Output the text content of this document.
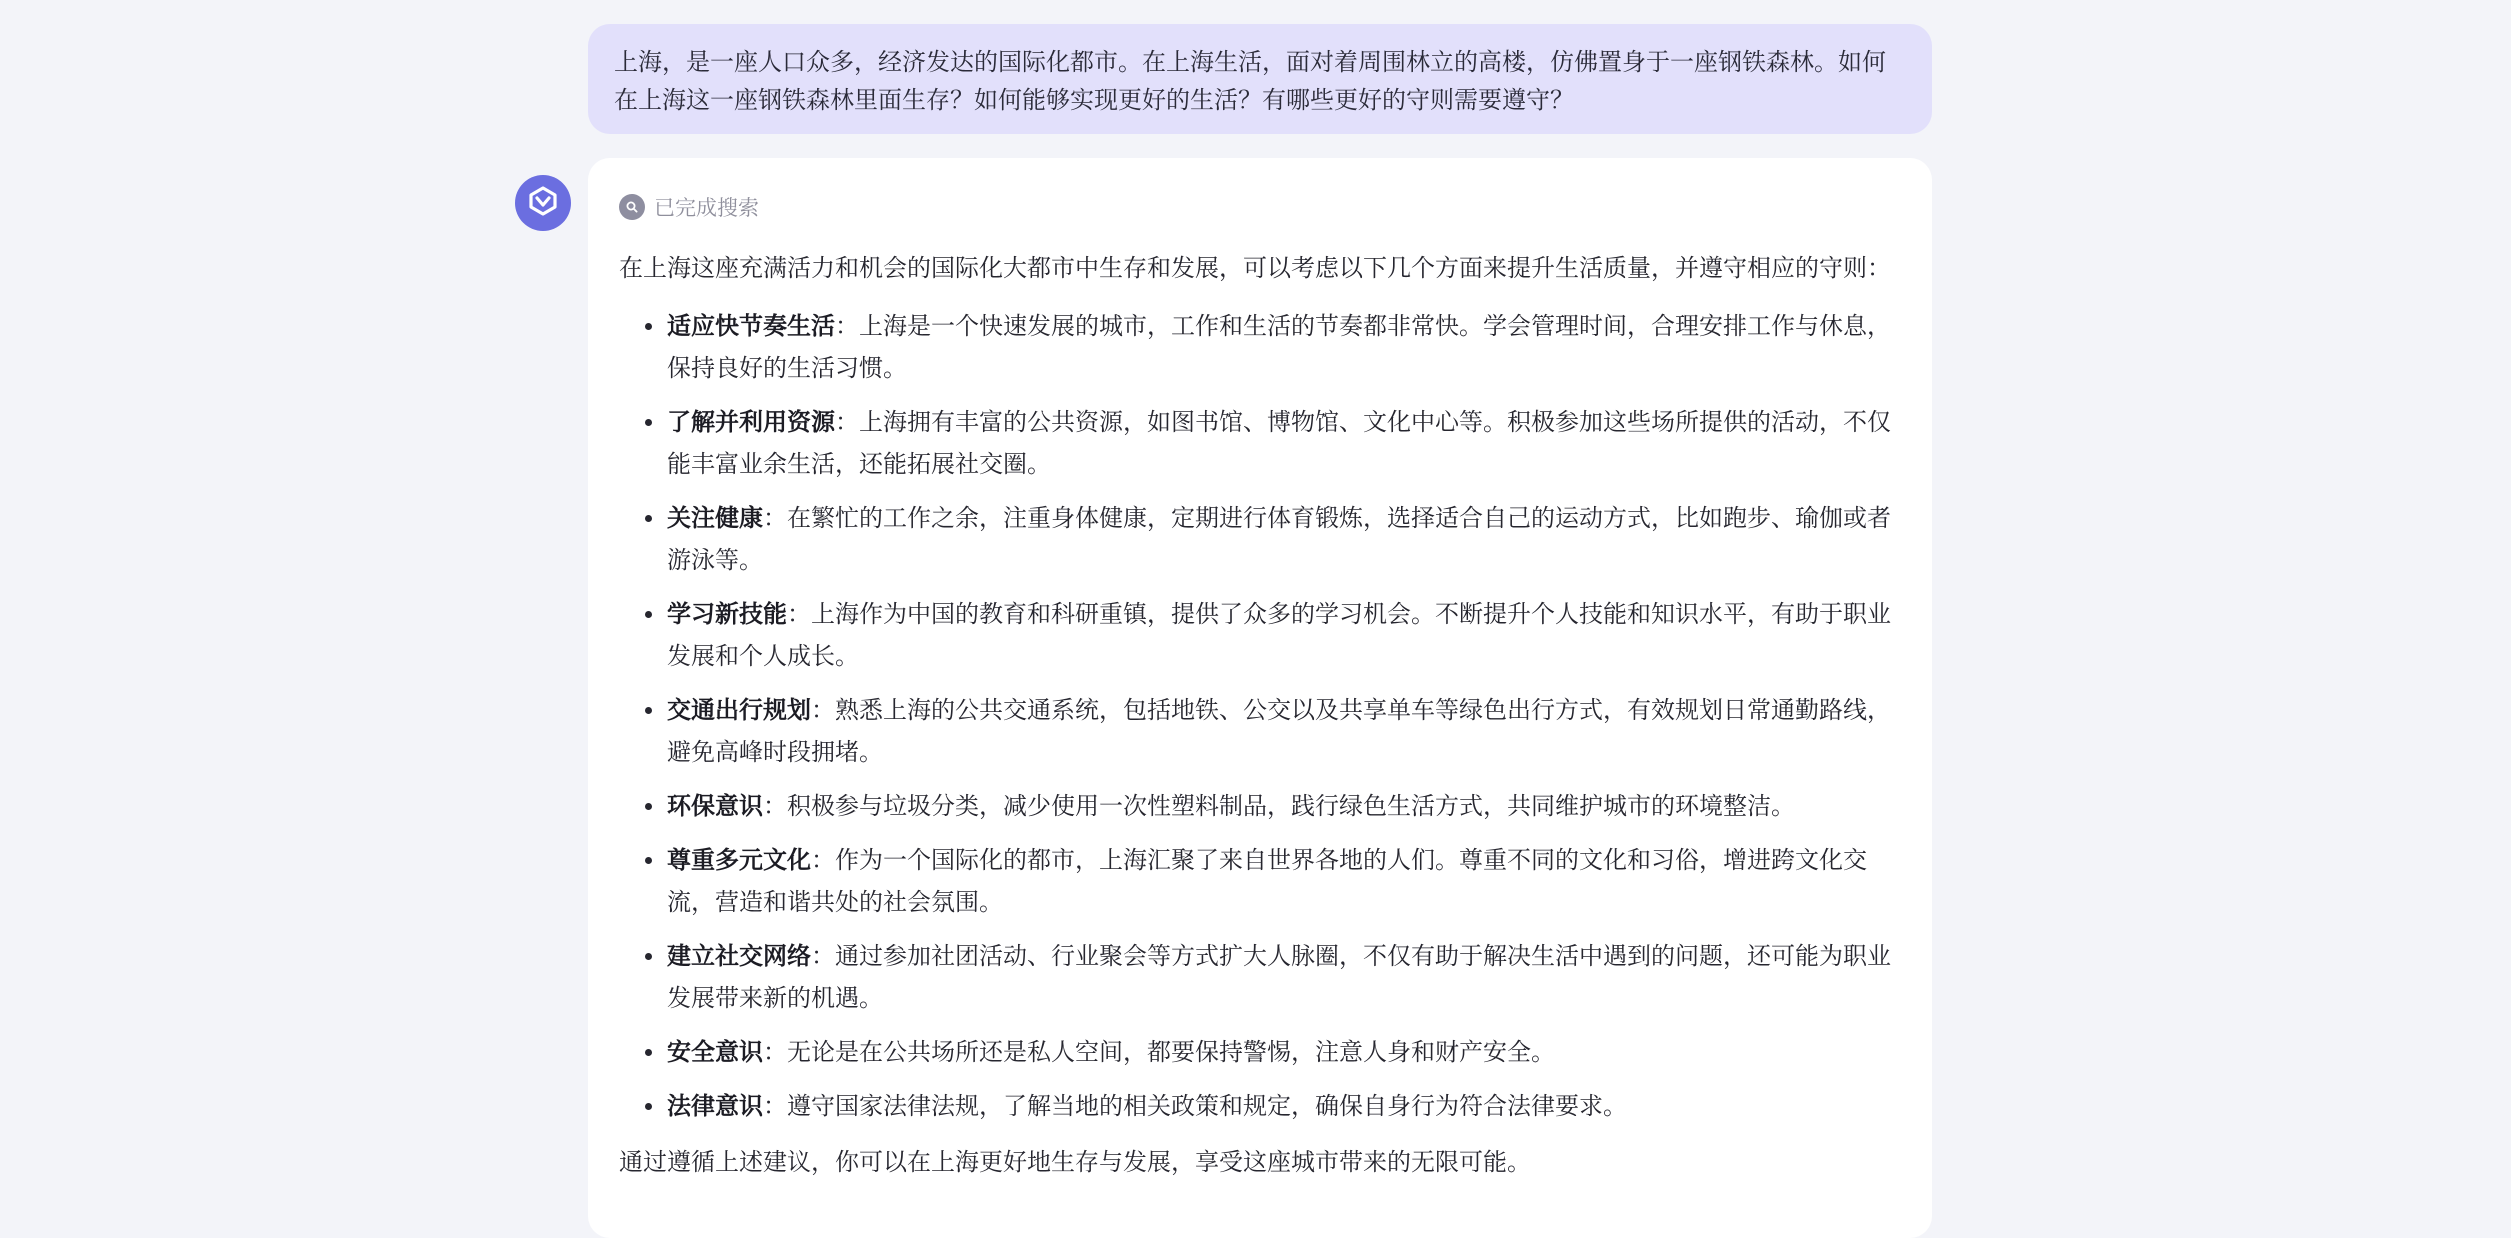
上海，是一座人口众多，经济发达的国际化都市。在上海生活，面对着周围林立的高楼，仿佛置身于一座钢铁森林。如何在上海这一座钢铁森林里面生存？如何能够实现更好的生活？有哪些更好的守则需要遵守？
已完成搜索
在上海这座充满活力和机会的国际化大都市中生存和发展，可以考虑以下几个方面来提升生活质量，并遵守相应的守则：
适应快节奏生活：上海是一个快速发展的城市，工作和生活的节奏都非常快。学会管理时间，合理安排工作与休息，保持良好的生活习惯。
了解并利用资源：上海拥有丰富的公共资源，如图书馆、博物馆、文化中心等。积极参加这些场所提供的活动，不仅能丰富业余生活，还能拓展社交圈。
关注健康：在繁忙的工作之余，注重身体健康，定期进行体育锻炼，选择适合自己的运动方式，比如跑步、瑜伽或者游泳等。
学习新技能：上海作为中国的教育和科研重镇，提供了众多的学习机会。不断提升个人技能和知识水平，有助于职业发展和个人成长。
交通出行规划：熟悉上海的公共交通系统，包括地铁、公交以及共享单车等绿色出行方式，有效规划日常通勤路线，避免高峰时段拥堵。
环保意识：积极参与垃圾分类，减少使用一次性塑料制品，践行绿色生活方式，共同维护城市的环境整洁。
尊重多元文化：作为一个国际化的都市，上海汇聚了来自世界各地的人们。尊重不同的文化和习俗，增进跨文化交流，营造和谐共处的社会氛围。
建立社交网络：通过参加社团活动、行业聚会等方式扩大人脉圈，不仅有助于解决生活中遇到的问题，还可能为职业发展带来新的机遇。
安全意识：无论是在公共场所还是私人空间，都要保持警惕，注意人身和财产安全。
法律意识：遵守国家法律法规，了解当地的相关政策和规定，确保自身行为符合法律要求。
通过遵循上述建议，你可以在上海更好地生存与发展，享受这座城市带来的无限可能。
